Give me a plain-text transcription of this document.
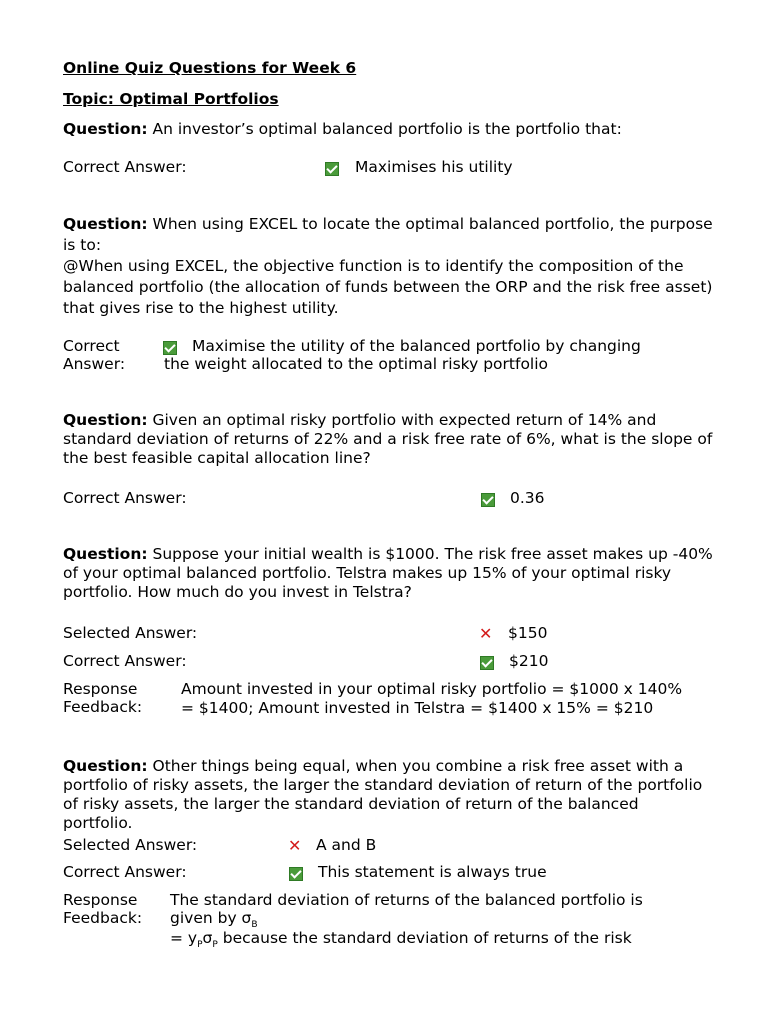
Online Quiz Questions for Week 6
Topic: Optimal Portfolios
Question: An investor’s optimal balanced portfolio is the portfolio that:
Correct Answer:	Maximises his utility
Question: When using EXCEL to locate the optimal balanced portfolio, the purpose is to:
@When using EXCEL, the objective function is to identify the composition of the balanced portfolio (the allocation of funds between the ORP and the risk free asset) that gives rise to the highest utility.
Correct
Answer:
Maximise the utility of the balanced portfolio by changing
the weight allocated to the optimal risky portfolio
Question: Given an optimal risky portfolio with expected return of 14% and standard deviation of returns of 22% and a risk free rate of 6%, what is the slope of the best feasible capital allocation line?
Correct Answer:	0.36
Question: Suppose your initial wealth is $1000. The risk free asset makes up -40% of your optimal balanced portfolio. Telstra makes up 15% of your optimal risky portfolio. How much do you invest in Telstra?
Selected Answer:	✕ $150
Correct Answer:	$210
Response
Feedback:
Amount invested in your optimal risky portfolio = $1000 x 140% = $1400; Amount invested in Telstra = $1400 x 15% = $210
Question: Other things being equal, when you combine a risk free asset with a portfolio of risky assets, the larger the standard deviation of return of the portfolio of risky assets, the larger the standard deviation of return of the balanced portfolio.
Selected Answer:	✕ A and B
Correct Answer:	This statement is always true
Response
Feedback:
The standard deviation of returns of the balanced portfolio is
given by $\sigma_B$
= $y_P\sigma_P$ because the standard deviation of returns of the risk
